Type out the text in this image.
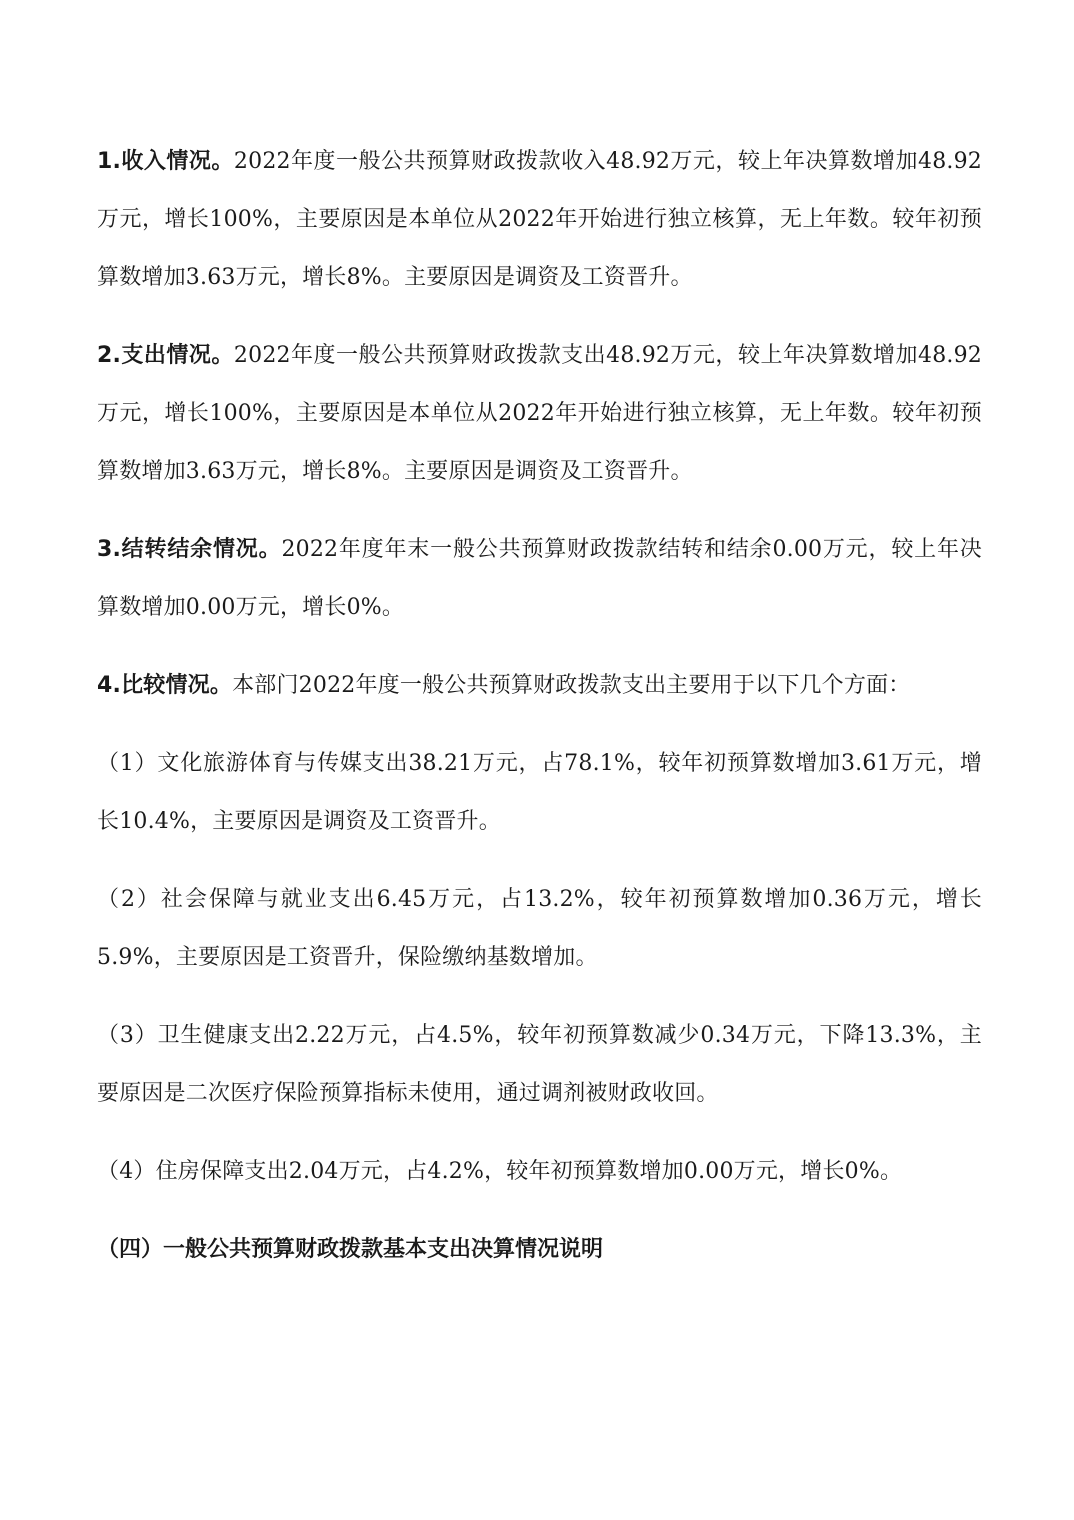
1.收入情况。2022年度一般公共预算财政拨款收入48.92万元，较上年决算数增加48.92万元，增长100%，主要原因是本单位从2022年开始进行独立核算，无上年数。较年初预算数增加3.63万元，增长8%。主要原因是调资及工资晋升。

2.支出情况。2022年度一般公共预算财政拨款支出48.92万元，较上年决算数增加48.92万元，增长100%，主要原因是本单位从2022年开始进行独立核算，无上年数。较年初预算数增加3.63万元，增长8%。主要原因是调资及工资晋升。

3.结转结余情况。2022年度年末一般公共预算财政拨款结转和结余0.00万元，较上年决算数增加0.00万元，增长0%。

4.比较情况。本部门2022年度一般公共预算财政拨款支出主要用于以下几个方面：

（1）文化旅游体育与传媒支出38.21万元，占78.1%，较年初预算数增加3.61万元，增长10.4%，主要原因是调资及工资晋升。

（2）社会保障与就业支出6.45万元，占13.2%，较年初预算数增加0.36万元，增长5.9%，主要原因是工资晋升，保险缴纳基数增加。

（3）卫生健康支出2.22万元，占4.5%，较年初预算数减少0.34万元，下降13.3%，主要原因是二次医疗保险预算指标未使用，通过调剂被财政收回。

（4）住房保障支出2.04万元，占4.2%，较年初预算数增加0.00万元，增长0%。

（四）一般公共预算财政拨款基本支出决算情况说明
